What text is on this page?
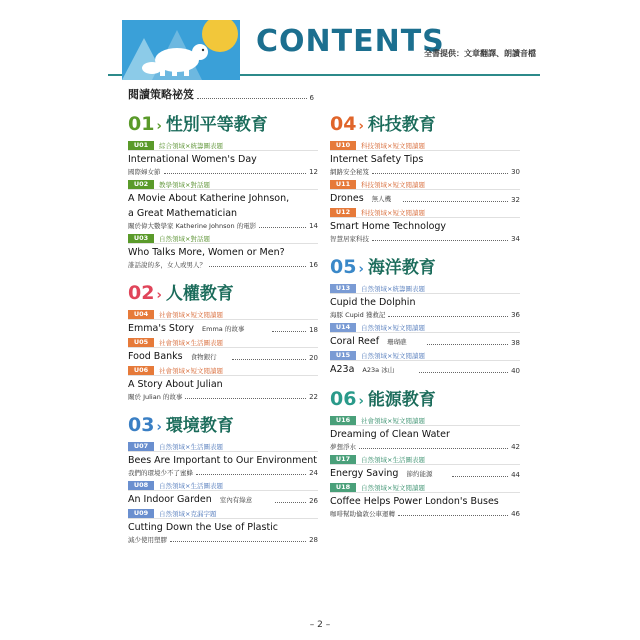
CONTENTS
全書提供：文章翻譯、朗讀音檔
閱讀策略祕笈	6
01 › 性別平等教育
U01	綜合領域×統籌圖表題
International Women's Day
國際婦女節	12
U02	教學領域×對話題
A Movie About Katherine Johnson,
a Great Mathematician
關於偉大數學家 Katherine Johnson 的電影	14
U03	自然領域×對話題
Who Talks More, Women or Men?
誰話說的多，女人或男人？	16
02 › 人權教育
U04	社會領域×短文閱讀題
Emma's Story Emma 的故事	18
U05	社會領域×生活圖表題
Food Banks 食物銀行	20
U06	社會領域×短文閱讀題
A Story About Julian
關於 Julian 的故事	22
03 › 環境教育
U07	自然領域×生活圖表題
Bees Are Important to Our Environment
我們的環境少不了蜜蜂	24
U08	自然領域×生活圖表題
An Indoor Garden 室內有綠意	26
U09	自然領域×克漏字題
Cutting Down the Use of Plastic
減少使用塑膠	28
04 › 科技教育
U10	科技領域×短文閱讀題
Internet Safety Tips
網路安全秘笈	30
U11	科技領域×短文閱讀題
Drones 無人機	32
U12	科技領域×短文閱讀題
Smart Home Technology
智慧居家科技	34
05 › 海洋教育
U13	自然領域×統籌圖表題
Cupid the Dolphin
海豚 Cupid 獲救記	36
U14	自然領域×短文閱讀題
Coral Reef 珊瑚礁	38
U15	自然領域×短文閱讀題
A23a A23a 冰山	40
06 › 能源教育
U16	社會領域×短文閱讀題
Dreaming of Clean Water
夢想淨水	42
U17	自然領域×生活圖表題
Energy Saving 節約能源	44
U18	自然領域×短文閱讀題
Coffee Helps Power London's Buses
咖啡幫助倫敦公車運轉	46
– 2 –
